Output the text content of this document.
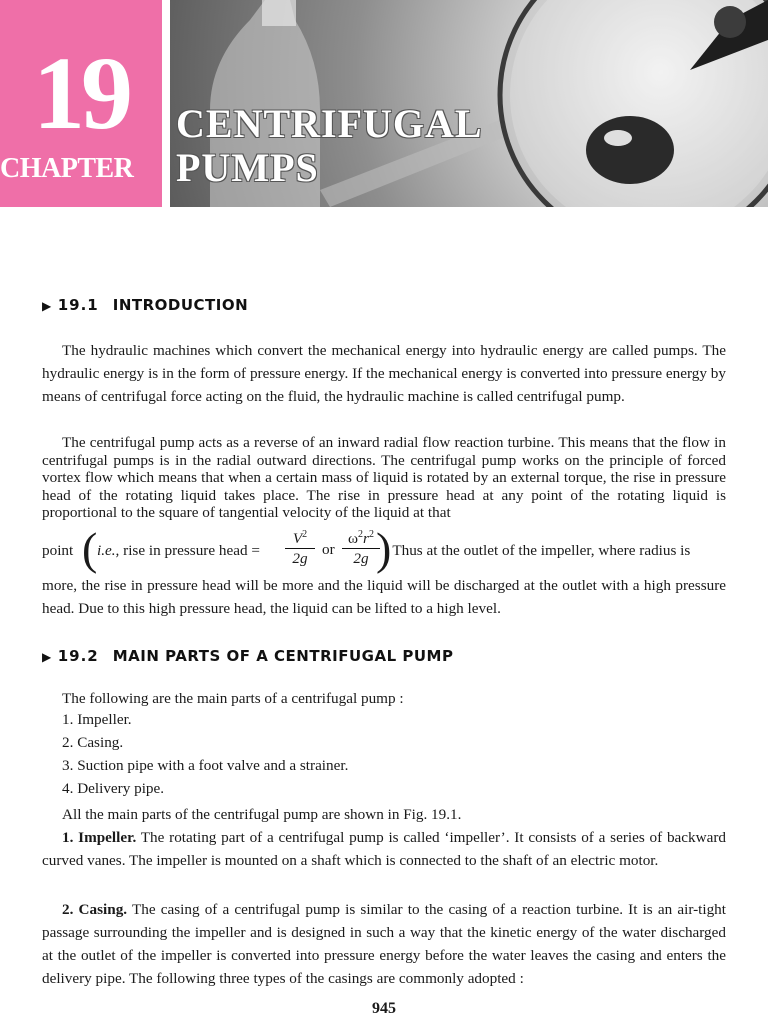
19
CHAPTER
CENTRIFUGAL
PUMPS
▶ 19.1 INTRODUCTION

The hydraulic machines which convert the mechanical energy into hydraulic energy are called pumps. The hydraulic energy is in the form of pressure energy. If the mechanical energy is converted into pressure energy by means of centrifugal force acting on the fluid, the hydraulic machine is called centrifugal pump.

The centrifugal pump acts as a reverse of an inward radial flow reaction turbine. This means that the flow in centrifugal pumps is in the radial outward directions. The centrifugal pump works on the principle of forced vortex flow which means that when a certain mass of liquid is rotated by an external torque, the rise in pressure head of the rotating liquid takes place. The rise in pressure head at any point of the rotating liquid is proportional to the square of tangential velocity of the liquid at that

point ( i.e., rise in pressure head = $\frac{V^2}{2g}$ or $\frac{\omega^2r^2}{2g}$
)
. Thus at the outlet of the impeller, where radius is

more, the rise in pressure head will be more and the liquid will be discharged at the outlet with a high pressure head. Due to this high pressure head, the liquid can be lifted to a high level.

▶ 19.2 MAIN PARTS OF A CENTRIFUGAL PUMP

The following are the main parts of a centrifugal pump :

1. Impeller.
2. Casing.
3. Suction pipe with a foot valve and a strainer.
4. Delivery pipe.

All the main parts of the centrifugal pump are shown in Fig. 19.1.

1. Impeller. The rotating part of a centrifugal pump is called ‘impeller’. It consists of a series of backward curved vanes. The impeller is mounted on a shaft which is connected to the shaft of an electric motor.

2. Casing. The casing of a centrifugal pump is similar to the casing of a reaction turbine. It is an air-tight passage surrounding the impeller and is designed in such a way that the kinetic energy of the water discharged at the outlet of the impeller is converted into pressure energy before the water leaves the casing and enters the delivery pipe. The following three types of the casings are commonly adopted :

945
